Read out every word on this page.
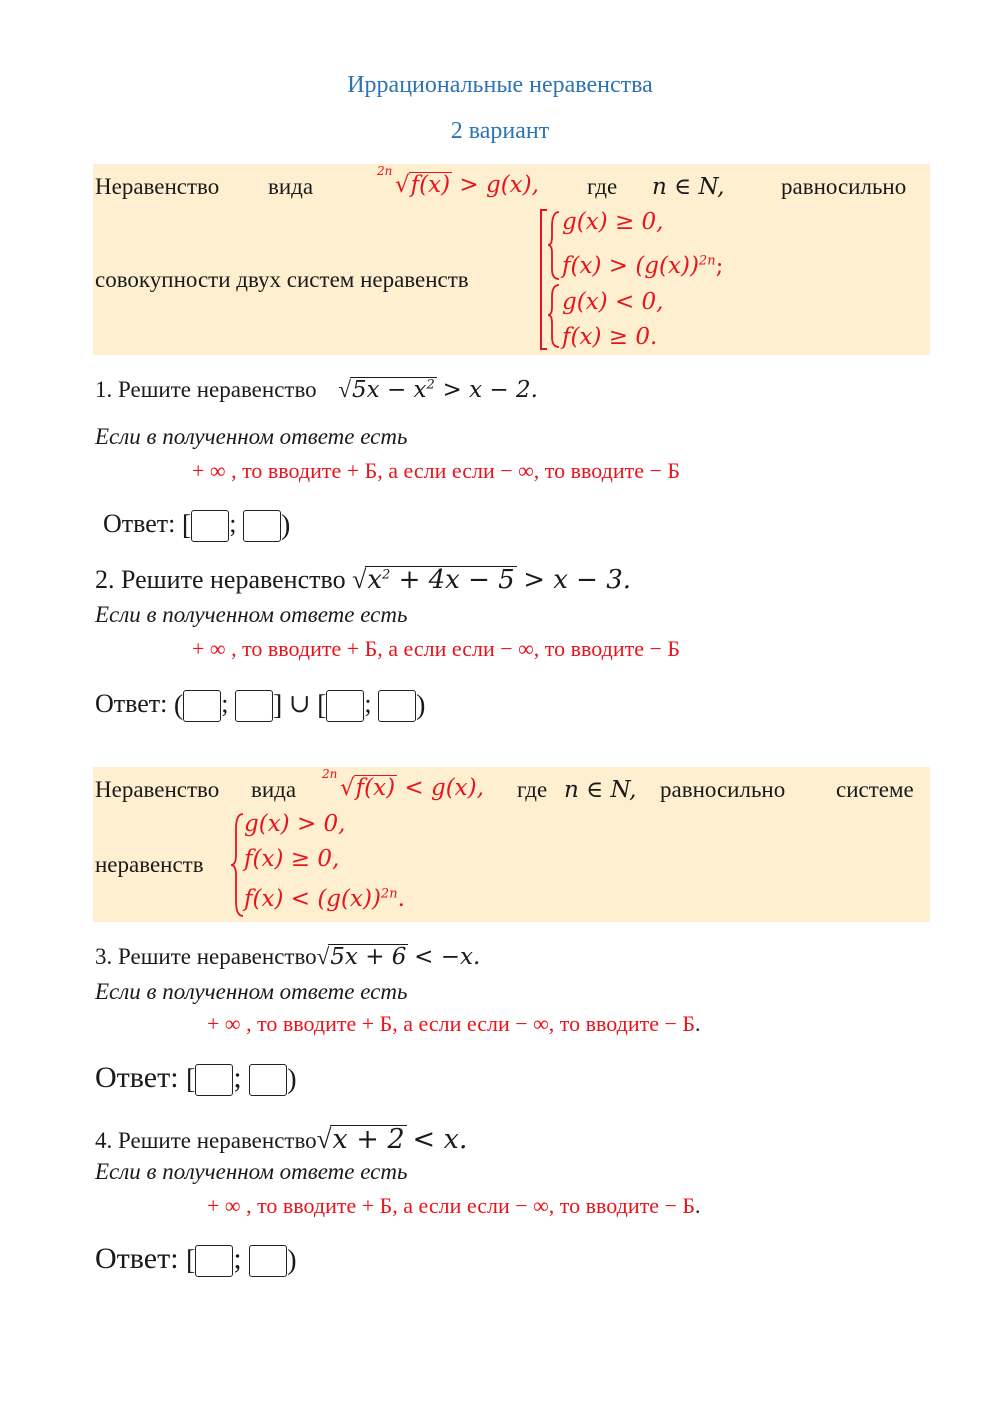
Иррациональные неравенства
2 вариант
Неравенство вида
2n
√f(x) > g(x), где n ∈ N, равносильно
совокупности двух систем неравенств
g(x) ≥ 0,
$f(x) > (g(x))^{2n}$;
g(x) < 0,
f(x) ≥ 0.
1. Решите неравенство $√5x - x^2 > x - 2$.
Если в полученном ответе есть
+ ∞ , то вводите + Б, а если если − ∞, то вводите − Б
Ответ: [ ; )
2. Решите неравенство $√x^2 + 4x - 5 > x - 3$.
Если в полученном ответе есть
+ ∞ , то вводите + Б, а если если − ∞, то вводите − Б
Ответ: ( ; ] ∪ [ ; )
Неравенство вида
2n
√f(x) < g(x), где n ∈ N, равносильно системе
неравенств
g(x) > 0,
f(x) ≥ 0,
$f(x) < (g(x))^{2n}$.
3. Решите неравенство√5x + 6 < −x.
Если в полученном ответе есть
+ ∞ , то вводите + Б, а если если − ∞, то вводите − Б.
Ответ: [ ; )
4. Решите неравенство√x + 2 < x.
Если в полученном ответе есть
+ ∞ , то вводите + Б, а если если − ∞, то вводите − Б.
Ответ: [ ; )
